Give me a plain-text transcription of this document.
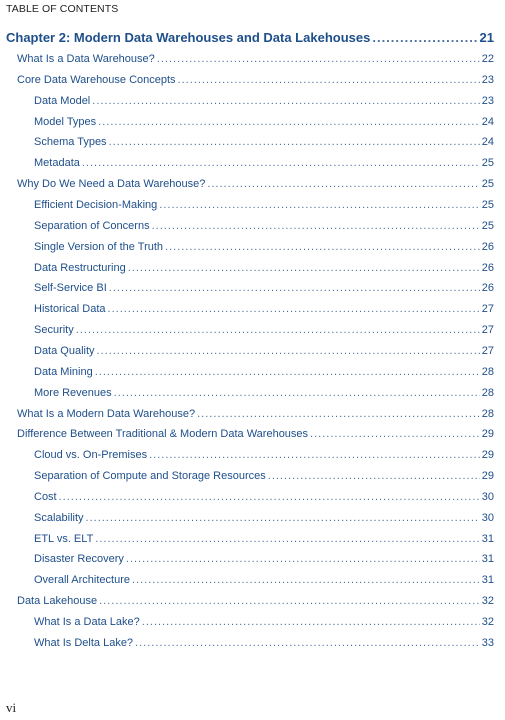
TABLE OF CONTENTS
Chapter 2: Modern Data Warehouses and Data Lakehouses .....	21
What Is a Data Warehouse? .....	22
Core Data Warehouse Concepts .....	23
Data Model .....	23
Model Types .....	24
Schema Types .....	24
Metadata .....	25
Why Do We Need a Data Warehouse? .....	25
Efficient Decision-Making .....	25
Separation of Concerns .....	25
Single Version of the Truth .....	26
Data Restructuring .....	26
Self-Service BI .....	26
Historical Data .....	27
Security .....	27
Data Quality .....	27
Data Mining .....	28
More Revenues .....	28
What Is a Modern Data Warehouse? .....	28
Difference Between Traditional & Modern Data Warehouses .....	29
Cloud vs. On-Premises .....	29
Separation of Compute and Storage Resources .....	29
Cost .....	30
Scalability .....	30
ETL vs. ELT .....	31
Disaster Recovery .....	31
Overall Architecture .....	31
Data Lakehouse .....	32
What Is a Data Lake? .....	32
What Is Delta Lake? .....	33
vi
